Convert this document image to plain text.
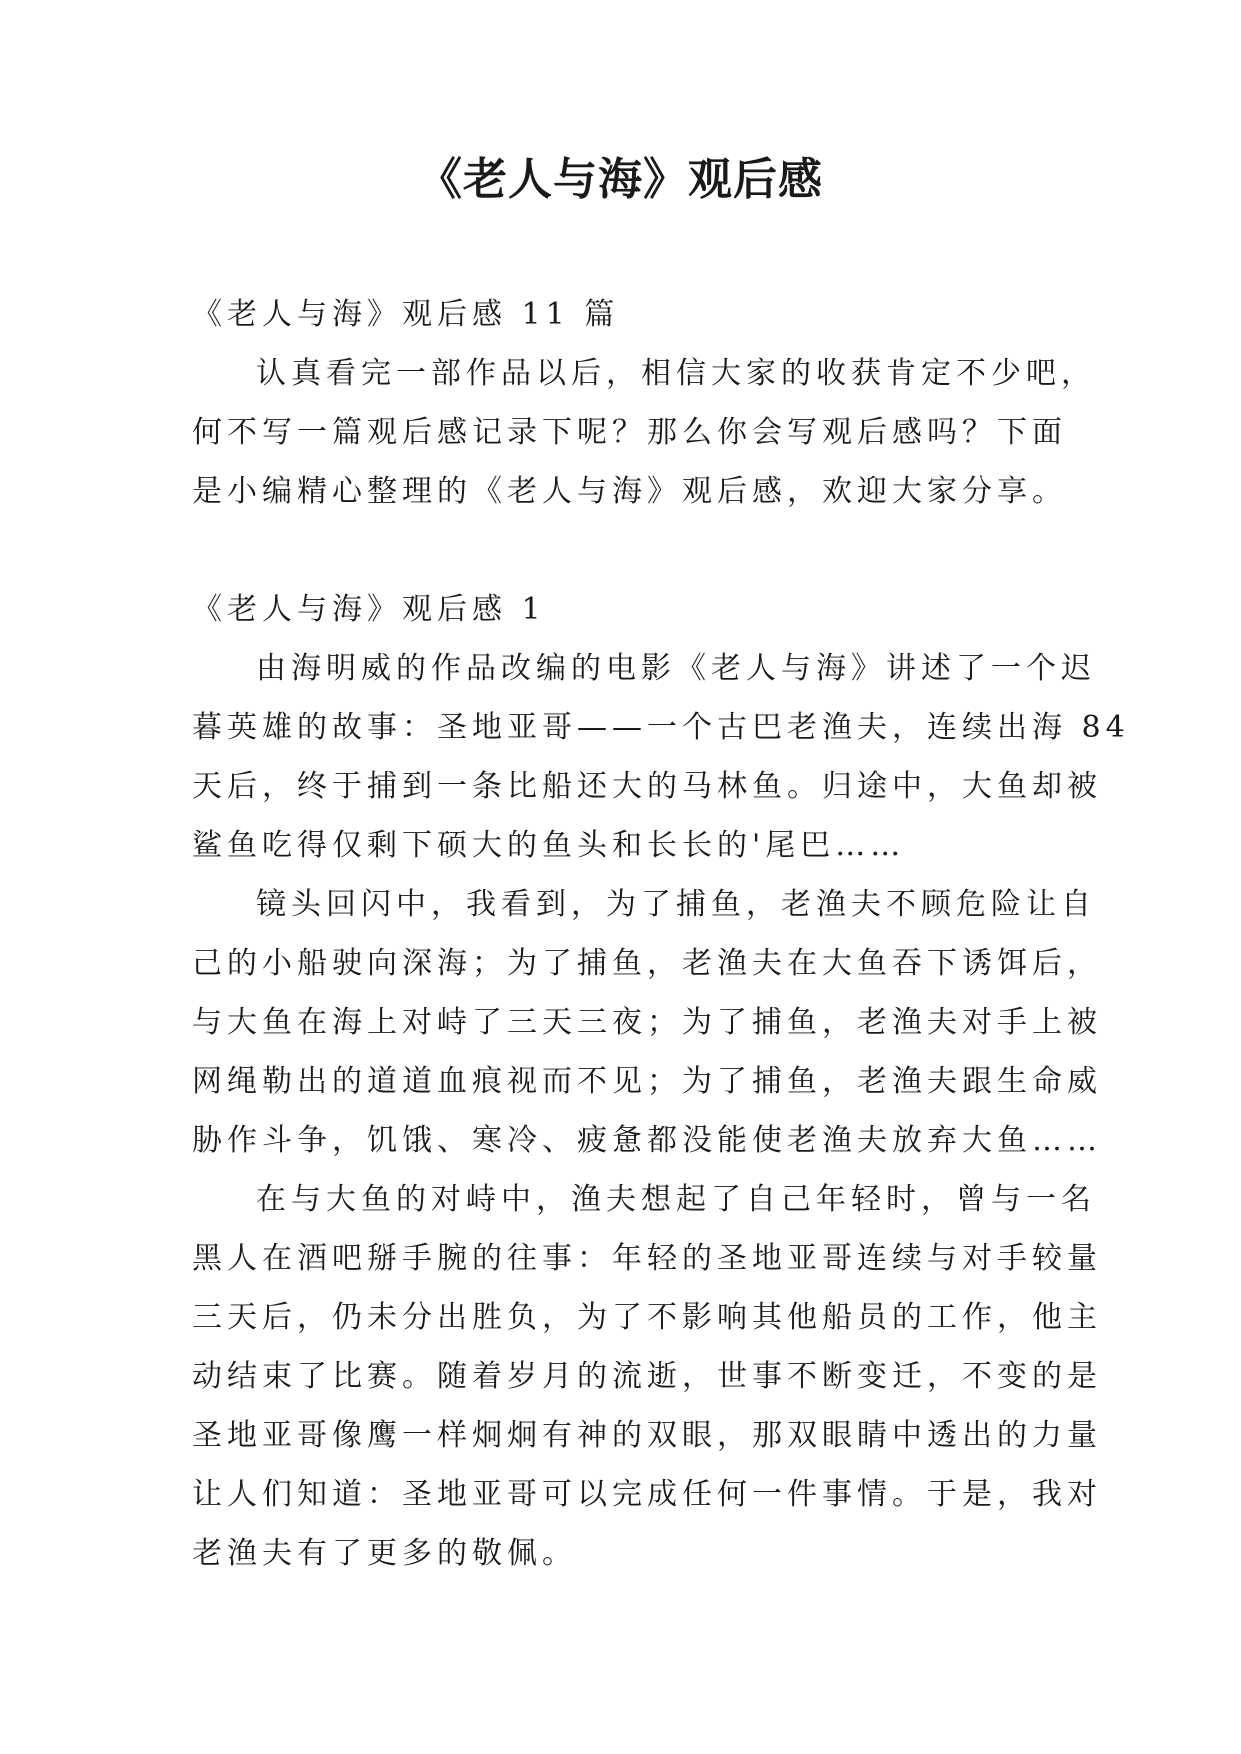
《老人与海》观后感

《老人与海》观后感 11 篇

认真看完一部作品以后，相信大家的收获肯定不少吧，

何不写一篇观后感记录下呢？那么你会写观后感吗？下面

是小编精心整理的《老人与海》观后感，欢迎大家分享。

《老人与海》观后感 1

由海明威的作品改编的电影《老人与海》讲述了一个迟

暮英雄的故事：圣地亚哥——一个古巴老渔夫，连续出海 84

天后，终于捕到一条比船还大的马林鱼。归途中，大鱼却被

鲨鱼吃得仅剩下硕大的鱼头和长长的'尾巴……

镜头回闪中，我看到，为了捕鱼，老渔夫不顾危险让自

己的小船驶向深海；为了捕鱼，老渔夫在大鱼吞下诱饵后，

与大鱼在海上对峙了三天三夜；为了捕鱼，老渔夫对手上被

网绳勒出的道道血痕视而不见；为了捕鱼，老渔夫跟生命威

胁作斗争，饥饿、寒冷、疲惫都没能使老渔夫放弃大鱼……

在与大鱼的对峙中，渔夫想起了自己年轻时，曾与一名

黑人在酒吧掰手腕的往事：年轻的圣地亚哥连续与对手较量

三天后，仍未分出胜负，为了不影响其他船员的工作，他主

动结束了比赛。随着岁月的流逝，世事不断变迁，不变的是

圣地亚哥像鹰一样炯炯有神的双眼，那双眼睛中透出的力量

让人们知道：圣地亚哥可以完成任何一件事情。于是，我对

老渔夫有了更多的敬佩。
